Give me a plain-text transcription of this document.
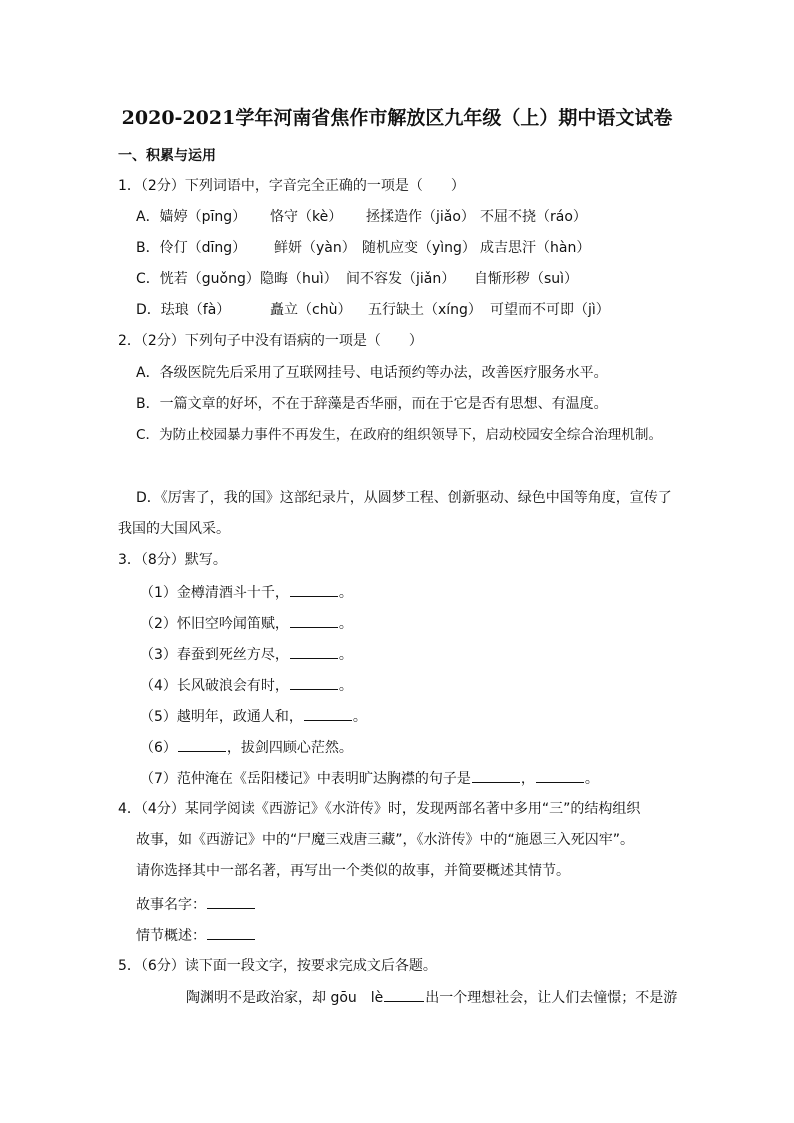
2020-2021学年河南省焦作市解放区九年级（上）期中语文试卷
一、积累与运用
1．（2分）下列词语中，字音完全正确的一项是（　　）
A．嫱婷（pīng） 恪守（kè） 拯揉造作（jiǎo） 不屈不挠（ráo）
B．伶仃（dīng） 鲜妍（yàn） 随机应变（yìng） 成吉思汗（hàn）
C．恍若（guǒng） 隐晦（huì） 间不容发（jiǎn） 自惭形秽（suì）
D．珐琅（fà）	矗立（chù） 五行缺土（xíng） 可望而不可即（jì）
2．（2分）下列句子中没有语病的一项是（　　）
A．各级医院先后采用了互联网挂号、电话预约等办法，改善医疗服务水平。
B．一篇文章的好坏，不在于辞藻是否华丽，而在于它是否有思想、有温度。
C．为防止校园暴力事件不再发生，在政府的组织领导下，启动校园安全综合治理机制。
D．《厉害了，我的国》这部纪录片，从圆梦工程、创新驱动、绿色中国等角度，宣传了
我国的大国风采。
3．（8分）默写。
（1）金樽清酒斗十千，	。
（2）怀旧空吟闻笛赋，	。
（3）春蚕到死丝方尽，	。
（4）长风破浪会有时，	。
（5）越明年，政通人和，	。
（6）	，拔剑四顾心茫然。
（7）范仲淹在《岳阳楼记》中表明旷达胸襟的句子是	，	。
4．（4分）某同学阅读《西游记》《水浒传》时，发现两部名著中多用“三”的结构组织
故事，如《西游记》中的“尸魔三戏唐三藏”，《水浒传》中的“施恩三入死囚牢”。
请你选择其中一部名著，再写出一个类似的故事，并简要概述其情节。
故事名字：
情节概述：
5．（6分）读下面一段文字，按要求完成文后各题。
陶渊明不是政治家，却 gōu　lè	出一个理想社会，让人们去憧憬；不是游
